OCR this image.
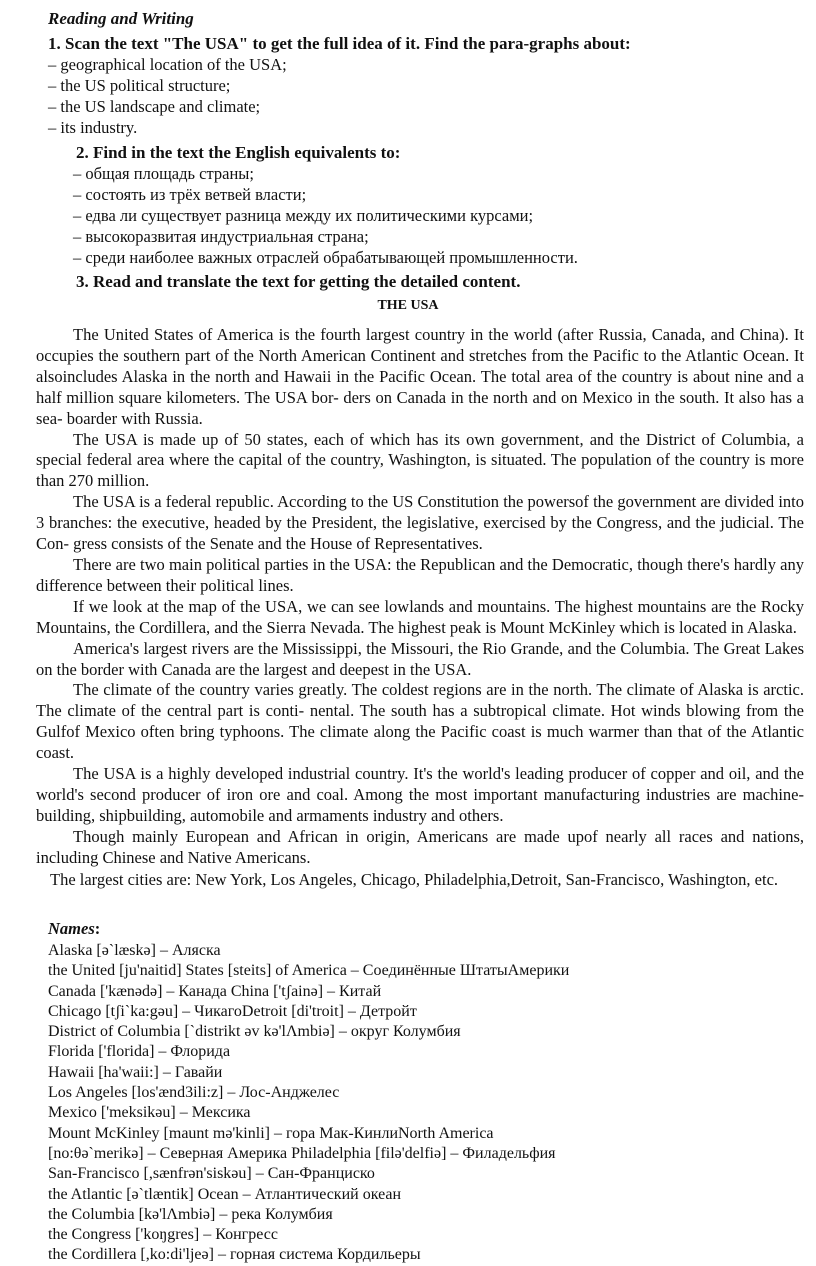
Reading and Writing
1. Scan the text "The USA" to get the full idea of it. Find the para-graphs about:
– geographical location of the USA;
– the US political structure;
– the US landscape and climate;
– its industry.
2. Find in the text the English equivalents to:
– общая площадь страны;
– состоять из трёх ветвей власти;
– едва ли существует разница между их политическими курсами;
– высокоразвитая индустриальная страна;
– среди наиболее важных отраслей обрабатывающей промышленности.
3. Read and translate the text for getting the detailed content.
THE USA

The United States of America is the fourth largest country in the world (after Russia, Canada, and China). It occupies the southern part of the North American Continent and stretches from the Pacific to the Atlantic Ocean. It alsoincludes Alaska in the north and Hawaii in the Pacific Ocean. The total area of the country is about nine and a half million square kilometers. The USA bor- ders on Canada in the north and on Mexico in the south. It also has a sea- boarder with Russia.

The USA is made up of 50 states, each of which has its own government, and the District of Columbia, a special federal area where the capital of the country, Washington, is situated. The population of the country is more than 270 million.

The USA is a federal republic. According to the US Constitution the powersof the government are divided into 3 branches: the executive, headed by the President, the legislative, exercised by the Congress, and the judicial. The Con- gress consists of the Senate and the House of Representatives.

There are two main political parties in the USA: the Republican and the Democratic, though there's hardly any difference between their political lines.

If we look at the map of the USA, we can see lowlands and mountains. The highest mountains are the Rocky Mountains, the Cordillera, and the Sierra Nevada. The highest peak is Mount McKinley which is located in Alaska.

America's largest rivers are the Mississippi, the Missouri, the Rio Grande, and the Columbia. The Great Lakes on the border with Canada are the largest and deepest in the USA.

The climate of the country varies greatly. The coldest regions are in the north. The climate of Alaska is arctic. The climate of the central part is conti- nental. The south has a subtropical climate. Hot winds blowing from the Gulfof Mexico often bring typhoons. The climate along the Pacific coast is much warmer than that of the Atlantic coast.

The USA is a highly developed industrial country. It's the world's leading producer of copper and oil, and the world's second producer of iron ore and coal. Among the most important manufacturing industries are machine- building, shipbuilding, automobile and armaments industry and others.

Though mainly European and African in origin, Americans are made upof nearly all races and nations, including Chinese and Native Americans.

The largest cities are: New York, Los Angeles, Chicago, Philadelphia,Detroit, San-Francisco, Washington, etc.

Names:
Alaska [ə`læskə] – Аляска
the United [ju'naitid] States [steits] of America – Соединённые ШтатыАмерики
Canada ['kænədə] – Канада China ['tʃainə] – Китай
Chicago [tʃi`ka:gəu] – ЧикагоDetroit [di'troit] – Детройт
District of Columbia [`distrikt əv kə'lΛmbiə] – округ Колумбия
Florida ['florida] – Флорида
Hawaii [ha'waii:] – Гавайи
Los Angeles [los'ænd3ili:z] – Лос-Анджелес
Mexico ['meksikəu] – Мексика
Mount McKinley [maunt mə'kinli] – гора Мак-КинлиNorth America
[no:θə`merikə] – Северная Америка Philadelphia [filə'delfiə] – Филадельфия
San-Francisco [,sænfrən'siskəu] – Сан-Франциско
the Atlantic [ə`tlæntik] Ocean – Атлантический океан
the Columbia [kə'lΛmbiə] – река Колумбия
the Congress ['koŋgres] – Конгресс
the Cordillera [,ko:di'ljeə] – горная система Кордильеры
